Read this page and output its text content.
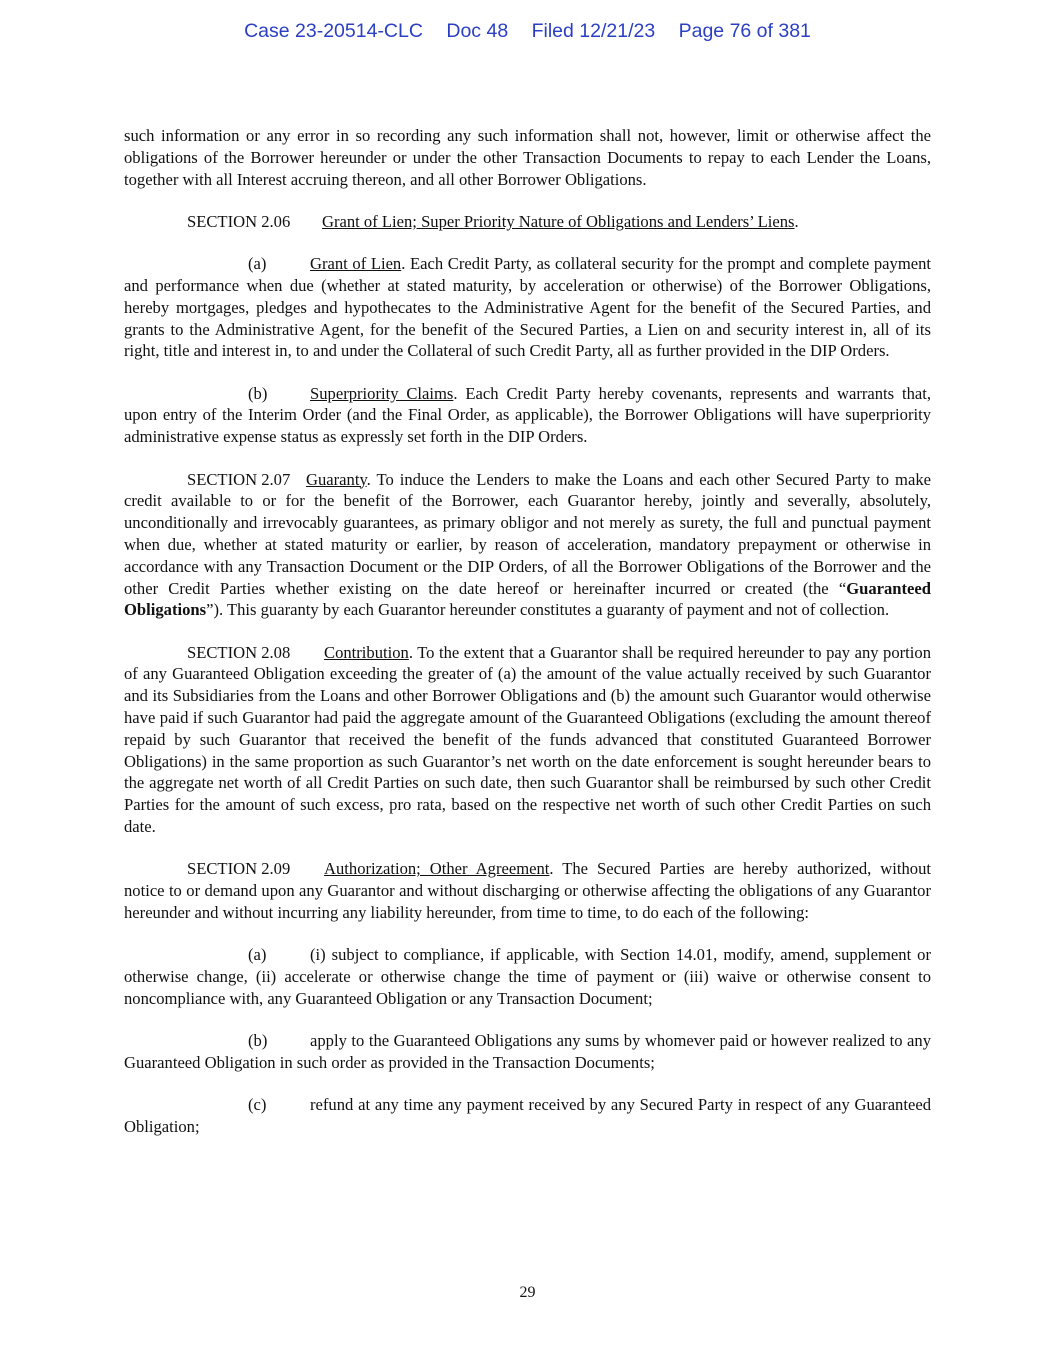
Case 23-20514-CLC Doc 48 Filed 12/21/23 Page 76 of 381

such information or any error in so recording any such information shall not, however, limit or otherwise affect the obligations of the Borrower hereunder or under the other Transaction Documents to repay to each Lender the Loans, together with all Interest accruing thereon, and all other Borrower Obligations.

SECTION 2.06 Grant of Lien; Super Priority Nature of Obligations and Lenders’ Liens.

(a)	Grant of Lien. Each Credit Party, as collateral security for the prompt and complete payment and performance when due (whether at stated maturity, by acceleration or otherwise) of the Borrower Obligations, hereby mortgages, pledges and hypothecates to the Administrative Agent for the benefit of the Secured Parties, and grants to the Administrative Agent, for the benefit of the Secured Parties, a Lien on and security interest in, all of its right, title and interest in, to and under the Collateral of such Credit Party, all as further provided in the DIP Orders.

(b)	Superpriority Claims. Each Credit Party hereby covenants, represents and warrants that, upon entry of the Interim Order (and the Final Order, as applicable), the Borrower Obligations will have superpriority administrative expense status as expressly set forth in the DIP Orders.

SECTION 2.07 Guaranty. To induce the Lenders to make the Loans and each other Secured Party to make credit available to or for the benefit of the Borrower, each Guarantor hereby, jointly and severally, absolutely, unconditionally and irrevocably guarantees, as primary obligor and not merely as surety, the full and punctual payment when due, whether at stated maturity or earlier, by reason of acceleration, mandatory prepayment or otherwise in accordance with any Transaction Document or the DIP Orders, of all the Borrower Obligations of the Borrower and the other Credit Parties whether existing on the date hereof or hereinafter incurred or created (the “Guaranteed Obligations”). This guaranty by each Guarantor hereunder constitutes a guaranty of payment and not of collection.

SECTION 2.08 Contribution. To the extent that a Guarantor shall be required hereunder to pay any portion of any Guaranteed Obligation exceeding the greater of (a) the amount of the value actually received by such Guarantor and its Subsidiaries from the Loans and other Borrower Obligations and (b) the amount such Guarantor would otherwise have paid if such Guarantor had paid the aggregate amount of the Guaranteed Obligations (excluding the amount thereof repaid by such Guarantor that received the benefit of the funds advanced that constituted Guaranteed Borrower Obligations) in the same proportion as such Guarantor’s net worth on the date enforcement is sought hereunder bears to the aggregate net worth of all Credit Parties on such date, then such Guarantor shall be reimbursed by such other Credit Parties for the amount of such excess, pro rata, based on the respective net worth of such other Credit Parties on such date.

SECTION 2.09 Authorization; Other Agreement. The Secured Parties are hereby authorized, without notice to or demand upon any Guarantor and without discharging or otherwise affecting the obligations of any Guarantor hereunder and without incurring any liability hereunder, from time to time, to do each of the following:

(a)	(i) subject to compliance, if applicable, with Section 14.01, modify, amend, supplement or otherwise change, (ii) accelerate or otherwise change the time of payment or (iii) waive or otherwise consent to noncompliance with, any Guaranteed Obligation or any Transaction Document;

(b)	apply to the Guaranteed Obligations any sums by whomever paid or however realized to any Guaranteed Obligation in such order as provided in the Transaction Documents;

(c)	refund at any time any payment received by any Secured Party in respect of any Guaranteed Obligation;

29
